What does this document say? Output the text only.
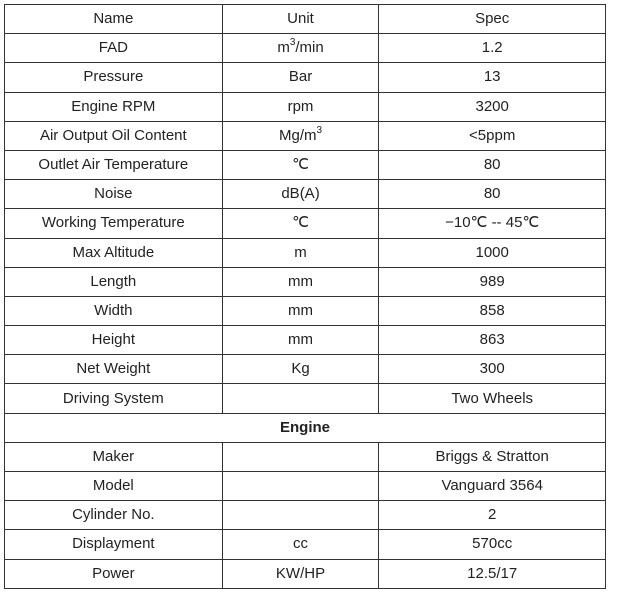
Name	Unit	Spec
FAD	$m^3/\min$	1.2
Pressure	Bar	13
Engine RPM	rpm	3200
Air Output Oil Content	$Mg/m^3$	<5ppm
Outlet Air Temperature	℃	80
Noise	dB(A)	80
Working Temperature	℃	−10℃ -- 45℃
Max Altitude	m	1000
Length	mm	989
Width	mm	858
Height	mm	863
Net Weight	Kg	300
Driving System		Two Wheels
Engine		
Maker		Briggs & Stratton
Model		Vanguard 3564
Cylinder No.		2
Displayment	cc	570cc
Power	KW/HP	12.5/17
